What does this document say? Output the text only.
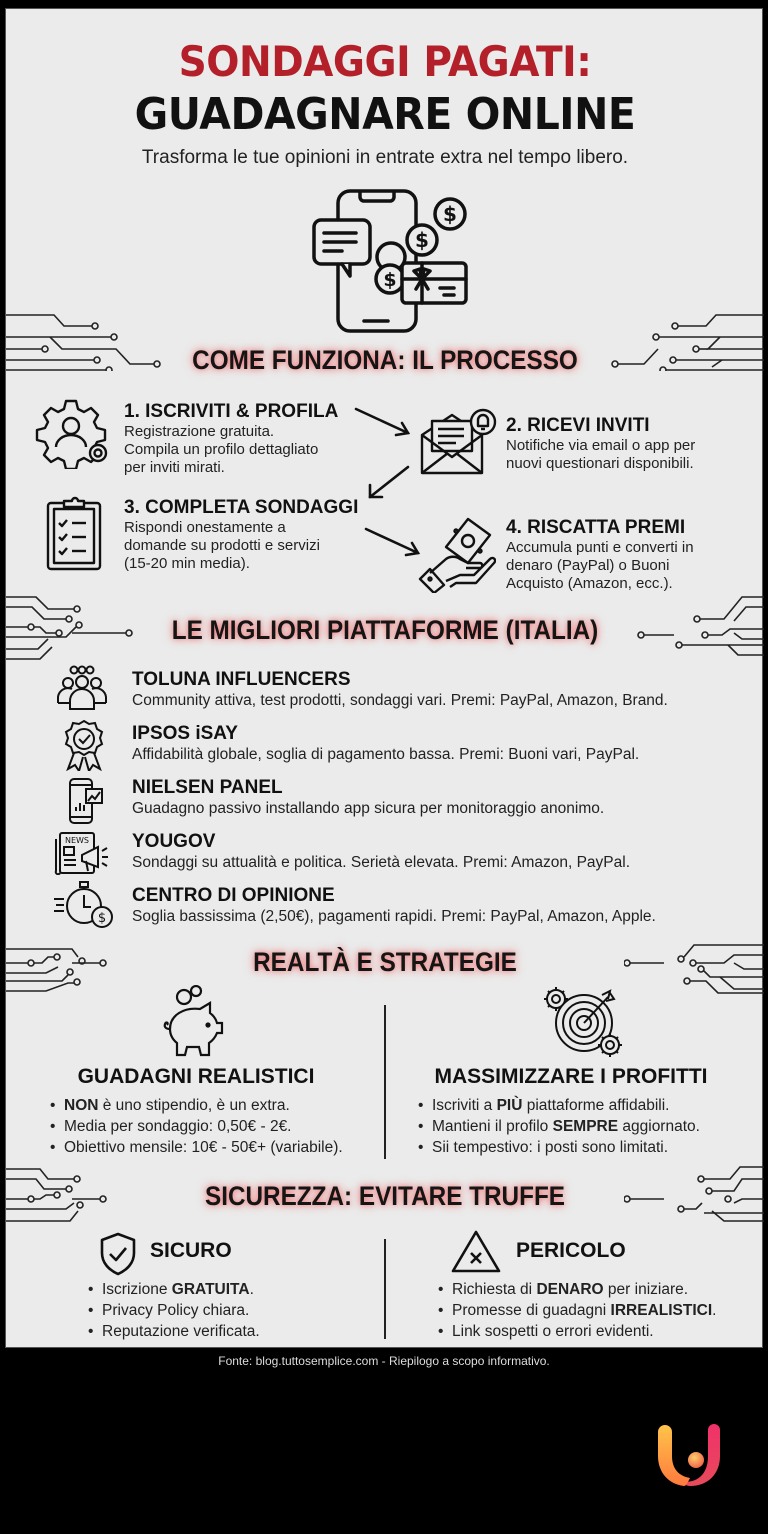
SONDAGGI PAGATI:
GUADAGNARE ONLINE
Trasforma le tue opinioni in entrate extra nel tempo libero.
$
$
$
COME FUNZIONA: IL PROCESSO
1. ISCRIVITI & PROFILA
Registrazione gratuita.
Compila un profilo dettagliato
per inviti mirati.
2. RICEVI INVITI
Notifiche via email o app per
nuovi questionari disponibili.
3. COMPLETA SONDAGGI
Rispondi onestamente a
domande su prodotti e servizi
(15-20 min media).
4. RISCATTA PREMI
Accumula punti e converti in
denaro (PayPal) o Buoni
Acquisto (Amazon, ecc.).
LE MIGLIORI PIATTAFORME (ITALIA)
TOLUNA INFLUENCERS
Community attiva, test prodotti, sondaggi vari. Premi: PayPal, Amazon, Brand.
IPSOS iSAY
Affidabilità globale, soglia di pagamento bassa. Premi: Buoni vari, PayPal.
NIELSEN PANEL
Guadagno passivo installando app sicura per monitoraggio anonimo.
NEWS YOUGOV
Sondaggi su attualità e politica. Serietà elevata. Premi: Amazon, PayPal.
$
CENTRO DI OPINIONE
Soglia bassissima (2,50€), pagamenti rapidi. Premi: PayPal, Amazon, Apple.
REALTÀ E STRATEGIE
GUADAGNI REALISTICI
• NON è uno stipendio, è un extra.
• Media per sondaggio: 0,50€ - 2€.
• Obiettivo mensile: 10€ - 50€+ (variabile).
MASSIMIZZARE I PROFITTI
• Iscriviti a PIÙ piattaforme affidabili.
• Mantieni il profilo SEMPRE aggiornato.
• Sii tempestivo: i posti sono limitati.
SICUREZZA: EVITARE TRUFFE
SICURO
• Iscrizione GRATUITA.
• Privacy Policy chiara.
• Reputazione verificata.
PERICOLO
• Richiesta di DENARO per iniziare.
• Promesse di guadagni IRREALISTICI.
• Link sospetti o errori evidenti.
Fonte: blog.tuttosemplice.com - Riepilogo a scopo informativo.
